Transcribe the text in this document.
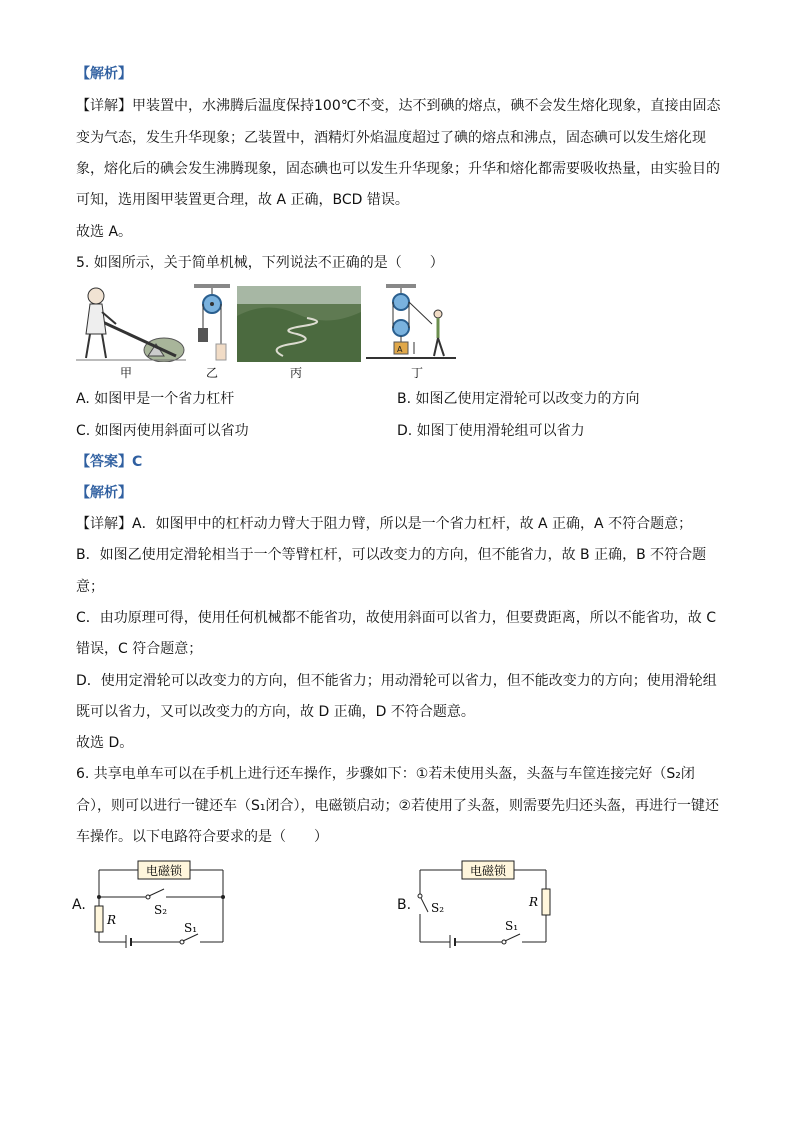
【解析】
【详解】甲装置中，水沸腾后温度保持100℃不变，达不到碘的熔点，碘不会发生熔化现象，直接由固态
变为气态，发生升华现象；乙装置中，酒精灯外焰温度超过了碘的熔点和沸点，固态碘可以发生熔化现
象，熔化后的碘会发生沸腾现象，固态碘也可以发生升华现象；升华和熔化都需要吸收热量，由实验目的
可知，选用图甲装置更合理，故 A 正确，BCD 错误。
故选 A。
5. 如图所示，关于简单机械，下列说法不正确的是（　　）
A
甲	乙	丙	丁
A. 如图甲是一个省力杠杆	B. 如图乙使用定滑轮可以改变力的方向
C. 如图丙使用斜面可以省功	D. 如图丁使用滑轮组可以省力
【答案】C
【解析】
【详解】A．如图甲中的杠杆动力臂大于阻力臂，所以是一个省力杠杆，故 A 正确，A 不符合题意；
B．如图乙使用定滑轮相当于一个等臂杠杆，可以改变力的方向，但不能省力，故 B 正确，B 不符合题
意；
C．由功原理可得，使用任何机械都不能省功，故使用斜面可以省力，但要费距离，所以不能省功，故 C
错误，C 符合题意；
D．使用定滑轮可以改变力的方向，但不能省力；用动滑轮可以省力，但不能改变力的方向；使用滑轮组
既可以省力，又可以改变力的方向，故 D 正确，D 不符合题意。
故选 D。
6. 共享电单车可以在手机上进行还车操作，步骤如下：①若未使用头盔，头盔与车筐连接完好（S₂闭
合），则可以进行一键还车（S₁闭合），电磁锁启动；②若使用了头盔，则需要先归还头盔，再进行一键还
车操作。以下电路符合要求的是（　　）
A.
电磁锁
R
S₂
S₁
B.
电磁锁
R
S₂
S₁
